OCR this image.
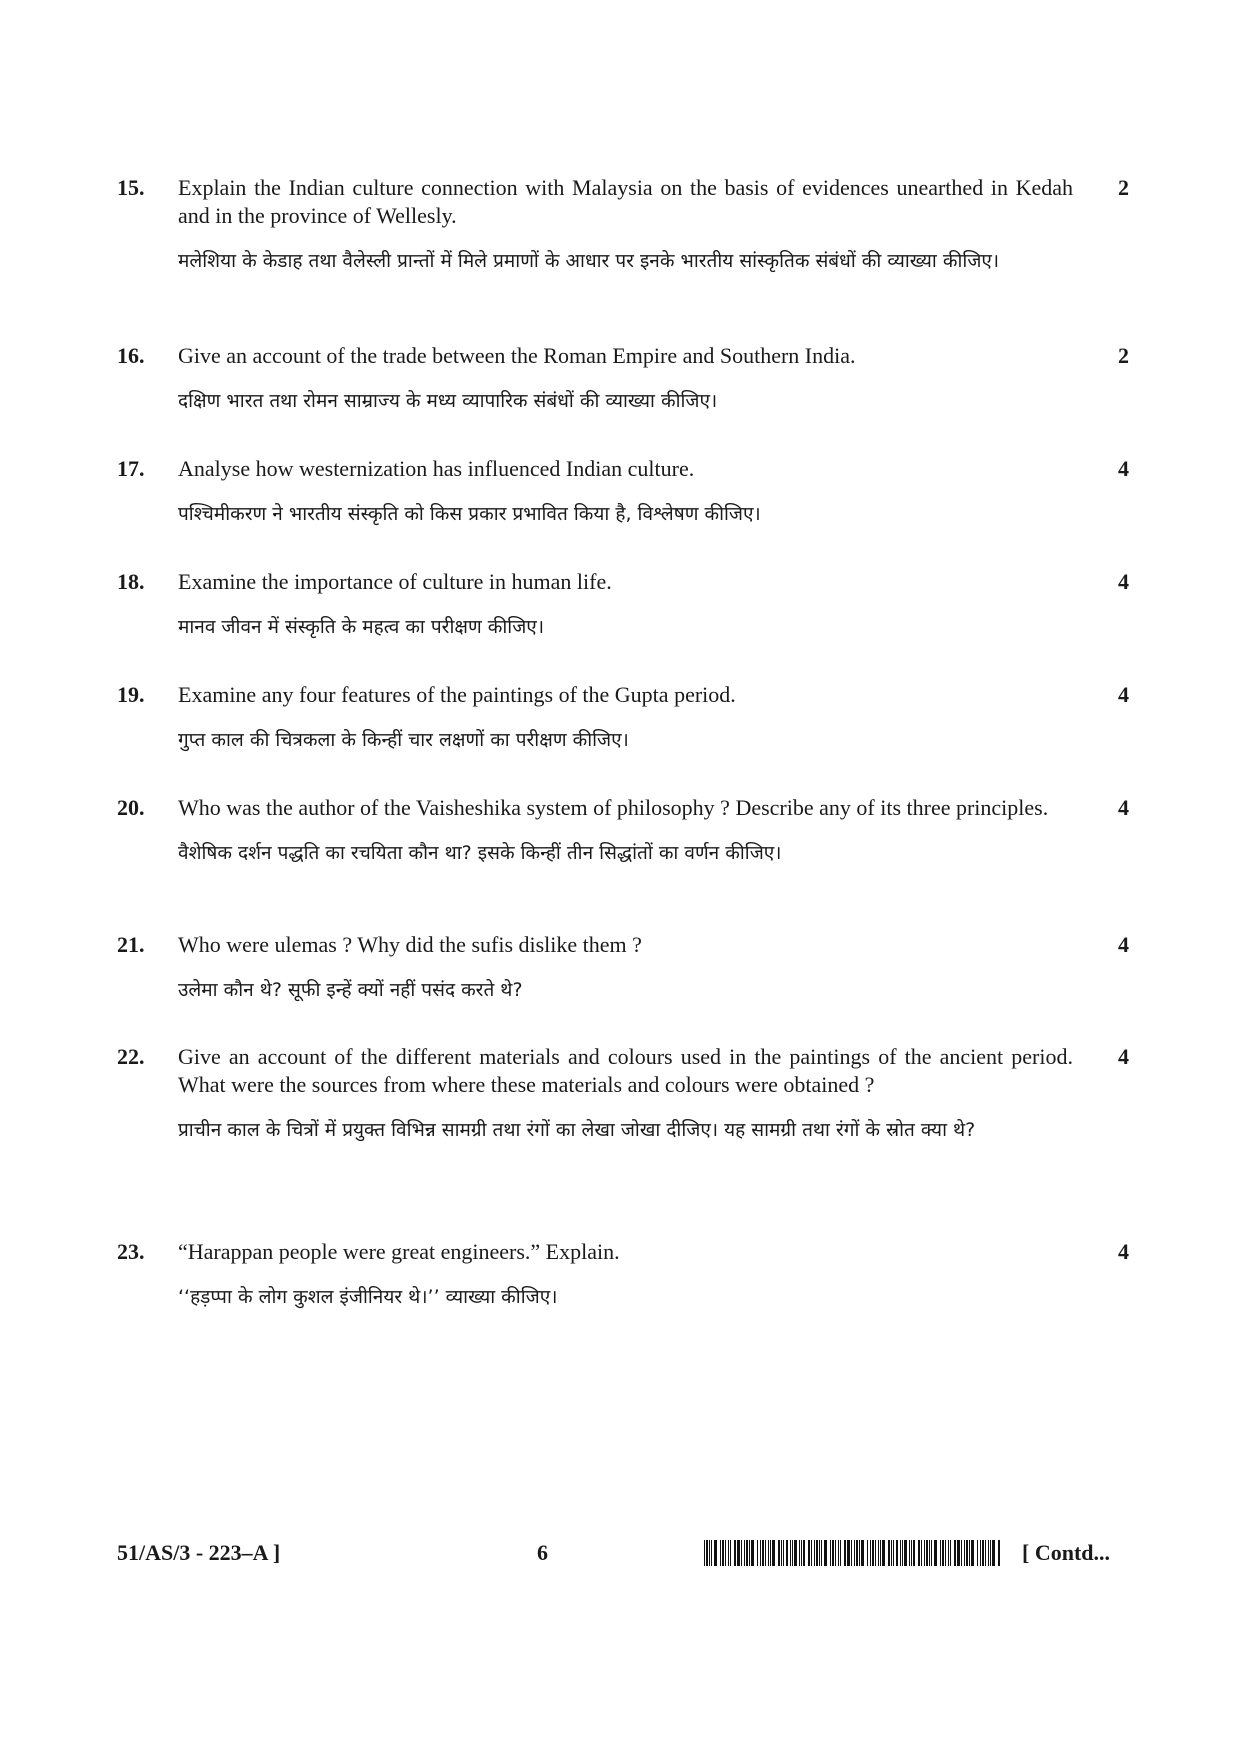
15. Explain the Indian culture connection with Malaysia on the basis of evidences unearthed in Kedah and in the province of Wellesly.

मलेशिया के केडाह तथा वैलेस्ली प्रान्तों में मिले प्रमाणों के आधार पर इनके भारतीय सांस्कृतिक संबंधों की व्याख्या कीजिए।

2
16. Give an account of the trade between the Roman Empire and Southern India.

दक्षिण भारत तथा रोमन साम्राज्य के मध्य व्यापारिक संबंधों की व्याख्या कीजिए।

2
17. Analyse how westernization has influenced Indian culture.

पश्चिमीकरण ने भारतीय संस्कृति को किस प्रकार प्रभावित किया है, विश्लेषण कीजिए।

4
18. Examine the importance of culture in human life.

मानव जीवन में संस्कृति के महत्व का परीक्षण कीजिए।

4
19. Examine any four features of the paintings of the Gupta period.

गुप्त काल की चित्रकला के किन्हीं चार लक्षणों का परीक्षण कीजिए।

4
20. Who was the author of the Vaisheshika system of philosophy ? Describe any of its three principles.

वैशेषिक दर्शन पद्धति का रचयिता कौन था? इसके किन्हीं तीन सिद्धांतों का वर्णन कीजिए।

4
21. Who were ulemas ? Why did the sufis dislike them ?

उलेमा कौन थे? सूफी इन्हें क्यों नहीं पसंद करते थे?

4
22. Give an account of the different materials and colours used in the paintings of the ancient period. What were the sources from where these materials and colours were obtained ?

प्राचीन काल के चित्रों में प्रयुक्त विभिन्न सामग्री तथा रंगों का लेखा जोखा दीजिए। यह सामग्री तथा रंगों के स्रोत क्या थे?

4
23. “Harappan people were great engineers.” Explain.

‘‘हड़प्पा के लोग कुशल इंजीनियर थे।’’ व्याख्या कीजिए।

4
51/AS/3 - 223–A ]	6	[ Contd...
